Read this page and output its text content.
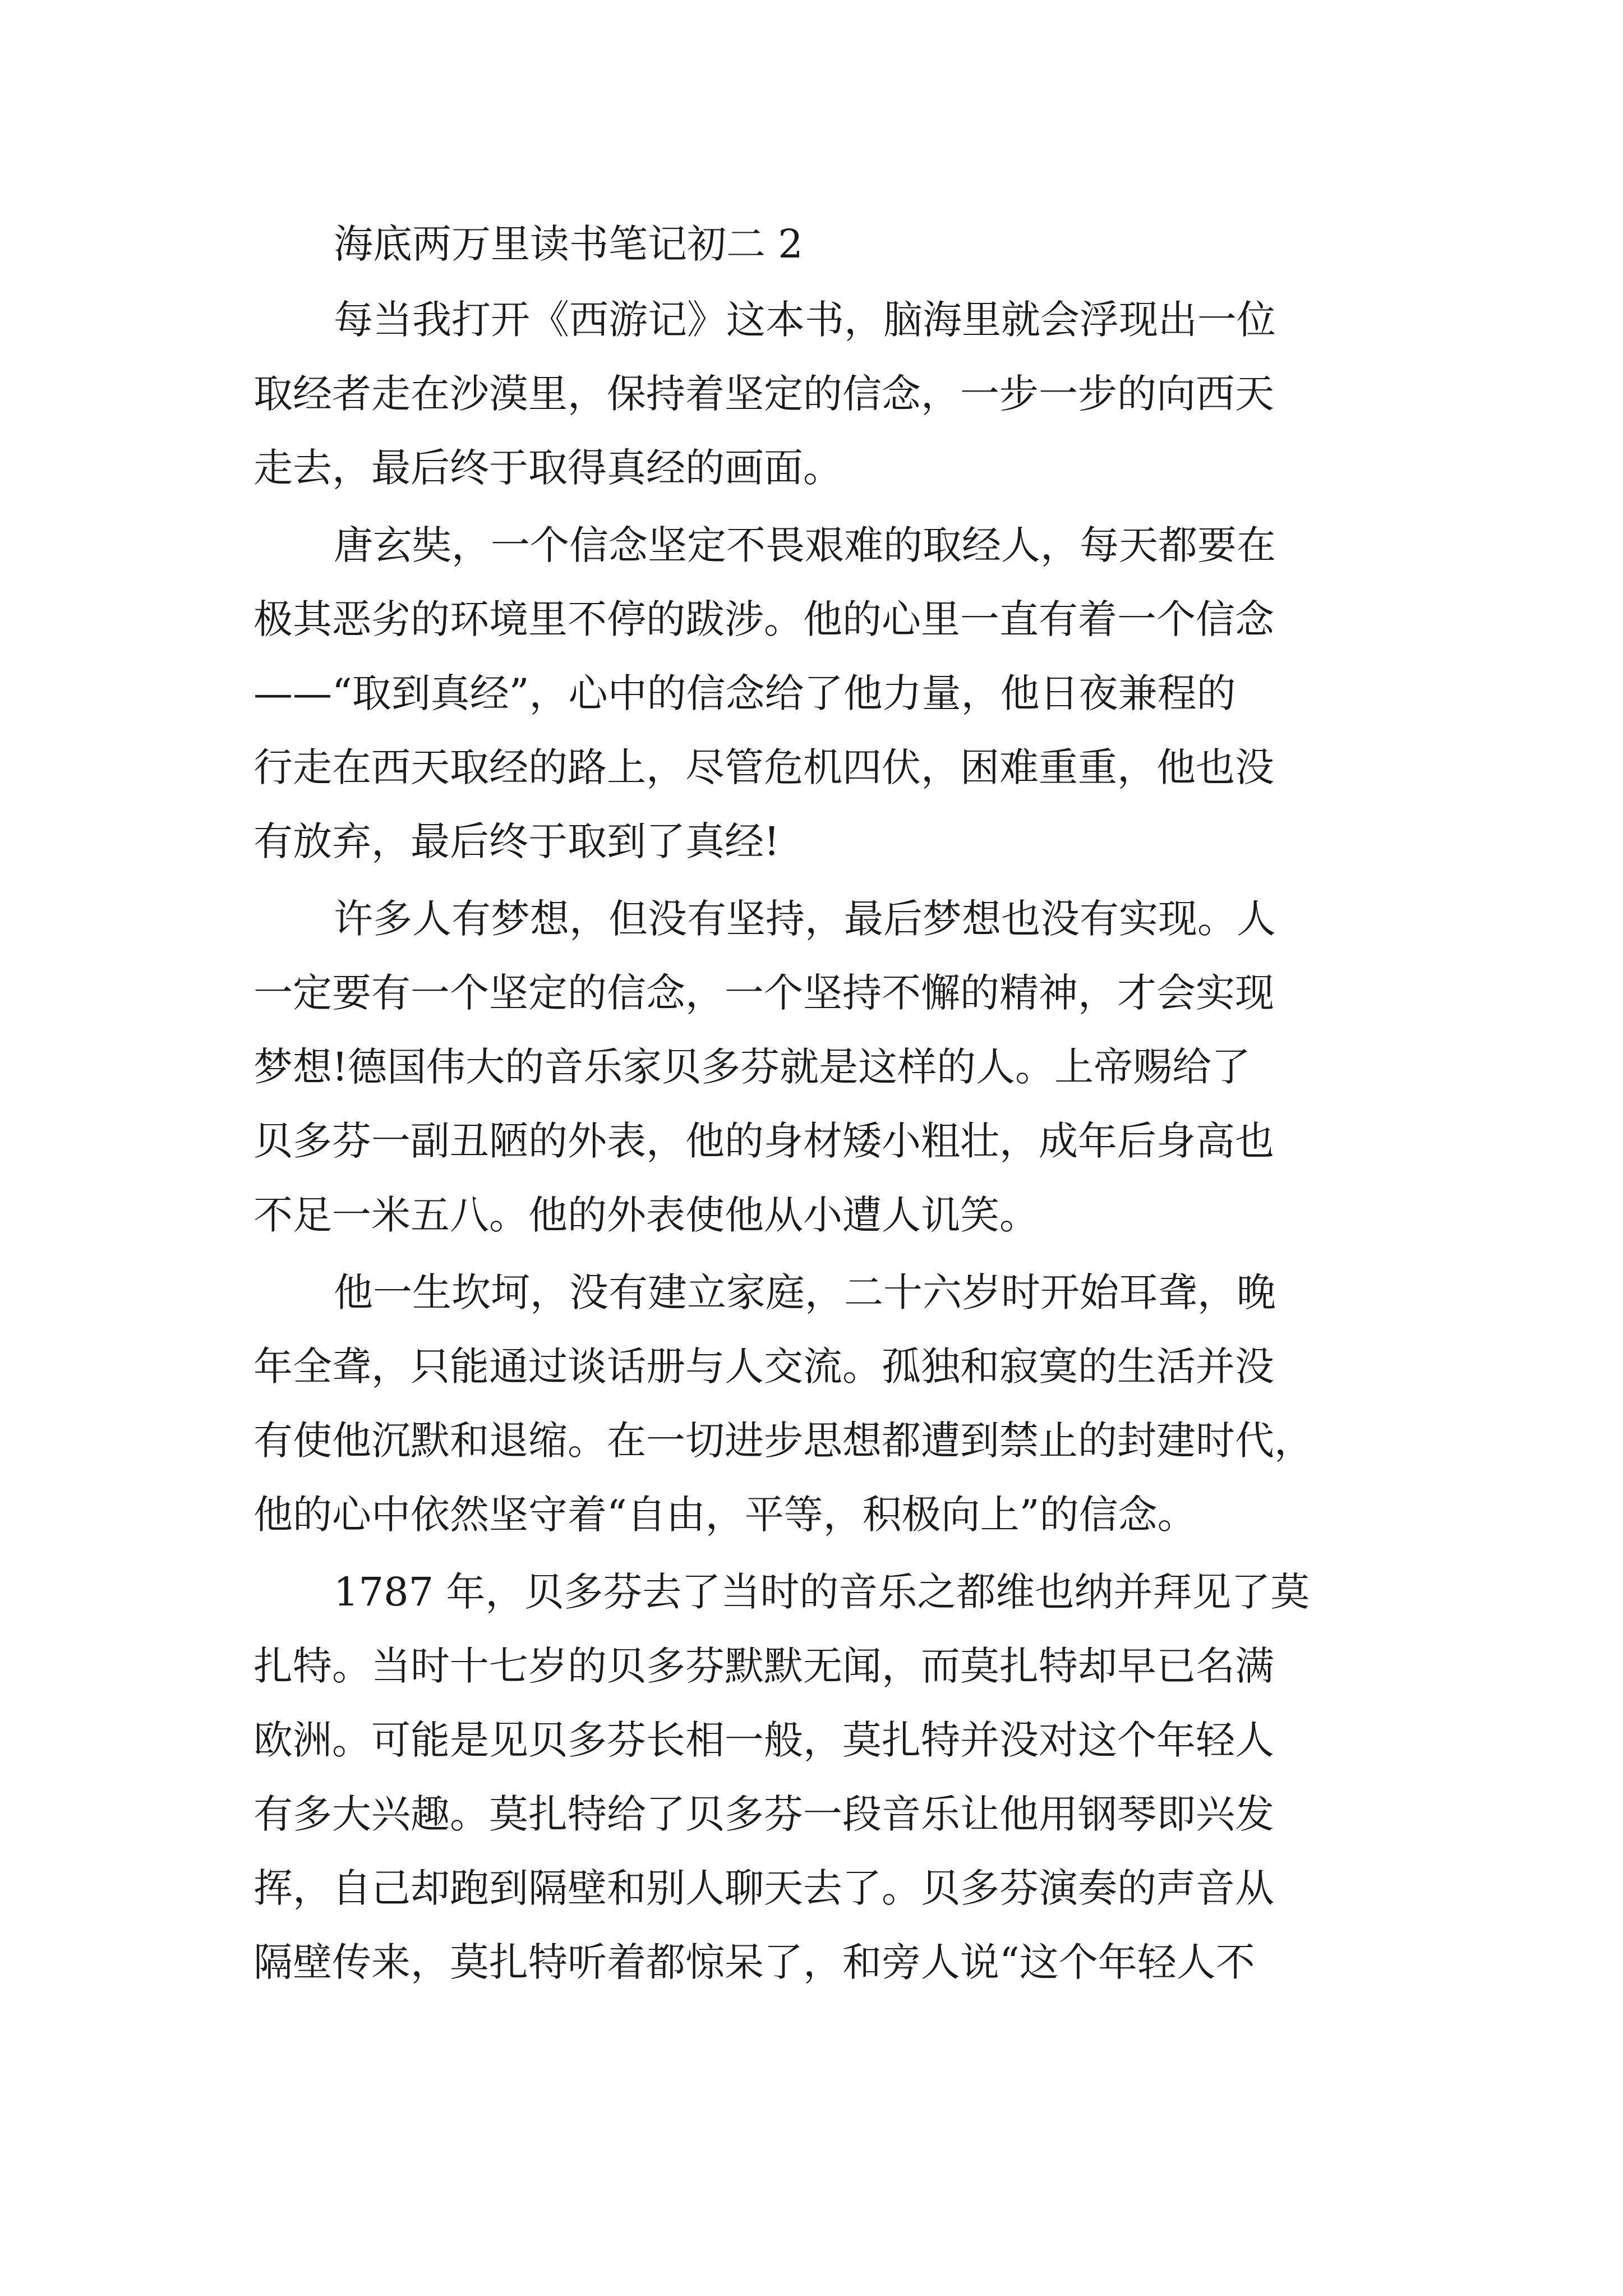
海底两万里读书笔记初二 2
每当我打开《西游记》这本书，脑海里就会浮现出一位
取经者走在沙漠里，保持着坚定的信念，一步一步的向西天
走去，最后终于取得真经的画面。
唐玄奘，一个信念坚定不畏艰难的取经人，每天都要在
极其恶劣的环境里不停的跋涉。他的心里一直有着一个信念
——“取到真经”，心中的信念给了他力量，他日夜兼程的
行走在西天取经的路上，尽管危机四伏，困难重重，他也没
有放弃，最后终于取到了真经!
许多人有梦想，但没有坚持，最后梦想也没有实现。人
一定要有一个坚定的信念，一个坚持不懈的精神，才会实现
梦想!德国伟大的音乐家贝多芬就是这样的人。上帝赐给了
贝多芬一副丑陋的外表，他的身材矮小粗壮，成年后身高也
不足一米五八。他的外表使他从小遭人讥笑。
他一生坎坷，没有建立家庭，二十六岁时开始耳聋，晚
年全聋，只能通过谈话册与人交流。孤独和寂寞的生活并没
有使他沉默和退缩。在一切进步思想都遭到禁止的封建时代，
他的心中依然坚守着“自由，平等，积极向上”的信念。
1787 年，贝多芬去了当时的音乐之都维也纳并拜见了莫
扎特。当时十七岁的贝多芬默默无闻，而莫扎特却早已名满
欧洲。可能是见贝多芬长相一般，莫扎特并没对这个年轻人
有多大兴趣。莫扎特给了贝多芬一段音乐让他用钢琴即兴发
挥，自己却跑到隔壁和别人聊天去了。贝多芬演奏的声音从
隔壁传来，莫扎特听着都惊呆了，和旁人说“这个年轻人不
